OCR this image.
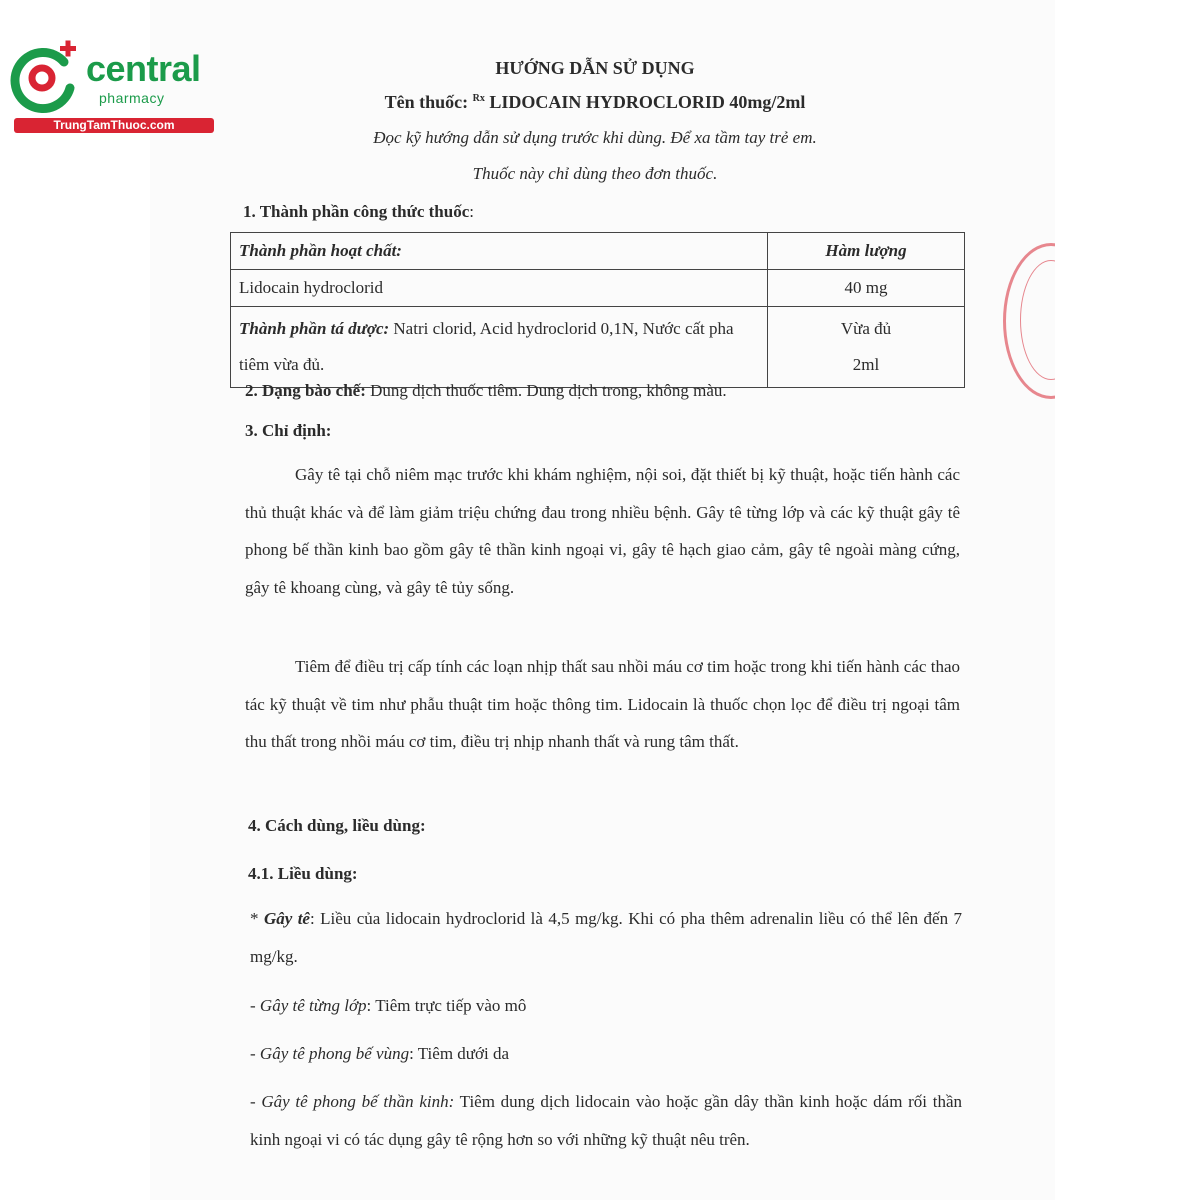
central
pharmacy
TrungTamThuoc.com
HƯỚNG DẪN SỬ DỤNG
Tên thuốc: $^{Rx}$ LIDOCAIN HYDROCLORID 40mg/2ml
Đọc kỹ hướng dẫn sử dụng trước khi dùng. Để xa tầm tay trẻ em.
Thuốc này chỉ dùng theo đơn thuốc.
1. Thành phần công thức thuốc:
Thành phần hoạt chất:	Hàm lượng
Lidocain hydroclorid	40 mg
Thành phần tá dược: Natri clorid, Acid hydroclorid 0,1N, Nước cất pha tiêm vừa đủ.	Vừa đủ
2ml
2. Dạng bào chế: Dung dịch thuốc tiêm. Dung dịch trong, không màu.
3. Chỉ định:
Gây tê tại chỗ niêm mạc trước khi khám nghiệm, nội soi, đặt thiết bị kỹ thuật, hoặc tiến hành các thủ thuật khác và để làm giảm triệu chứng đau trong nhiều bệnh. Gây tê từng lớp và các kỹ thuật gây tê phong bế thần kinh bao gồm gây tê thần kinh ngoại vi, gây tê hạch giao cảm, gây tê ngoài màng cứng, gây tê khoang cùng, và gây tê tủy sống.
Tiêm để điều trị cấp tính các loạn nhịp thất sau nhồi máu cơ tim hoặc trong khi tiến hành các thao tác kỹ thuật về tim như phẫu thuật tim hoặc thông tim. Lidocain là thuốc chọn lọc để điều trị ngoại tâm thu thất trong nhồi máu cơ tim, điều trị nhịp nhanh thất và rung tâm thất.
4. Cách dùng, liều dùng:
4.1. Liều dùng:
* Gây tê: Liều của lidocain hydroclorid là 4,5 mg/kg. Khi có pha thêm adrenalin liều có thể lên đến 7 mg/kg.
- Gây tê từng lớp: Tiêm trực tiếp vào mô
- Gây tê phong bế vùng: Tiêm dưới da
- Gây tê phong bế thần kinh: Tiêm dung dịch lidocain vào hoặc gần dây thần kinh hoặc dám rối thần kinh ngoại vi có tác dụng gây tê rộng hơn so với những kỹ thuật nêu trên.
